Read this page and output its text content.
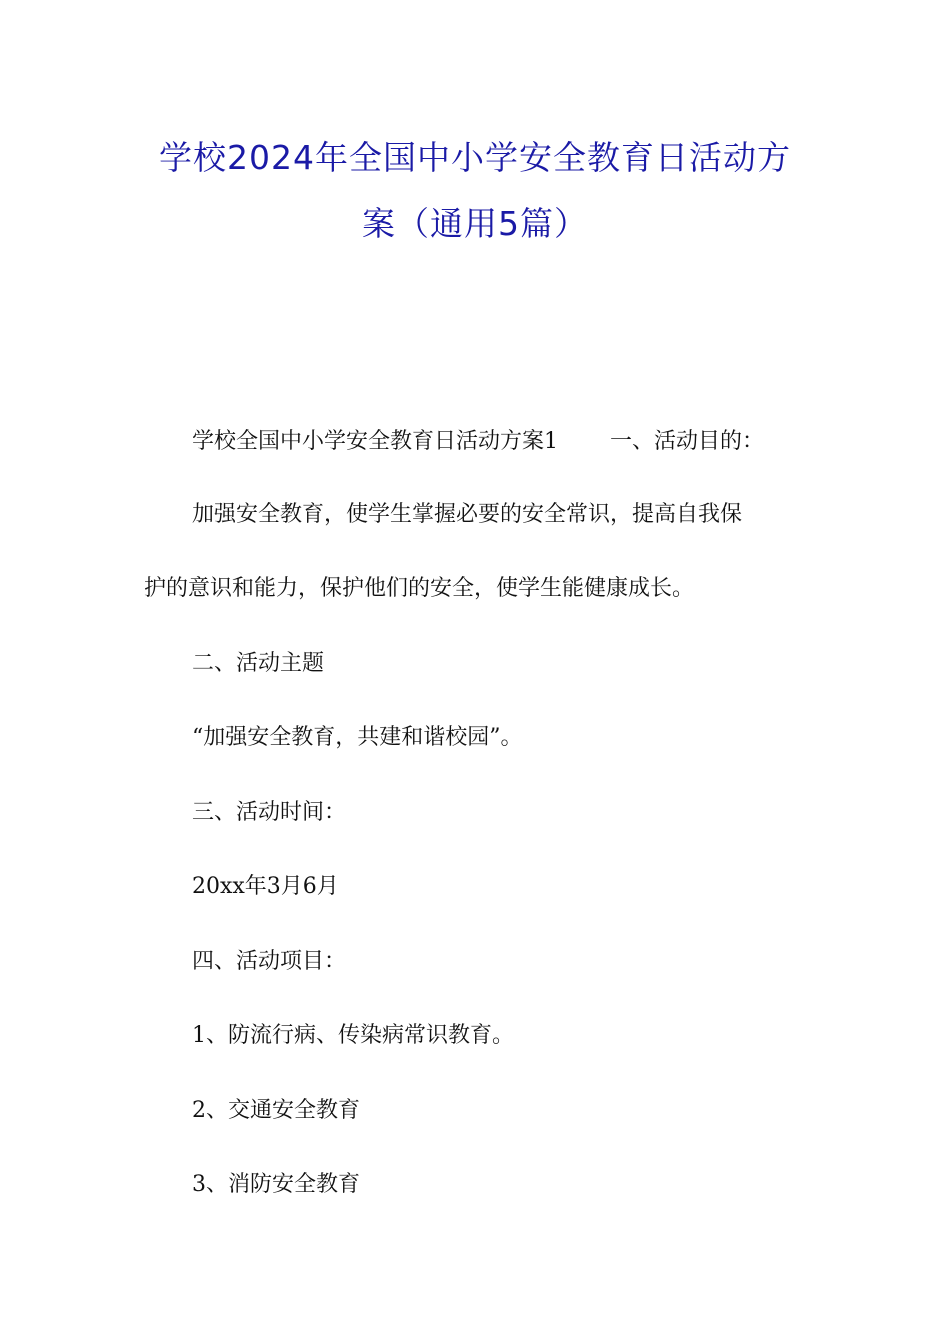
学校2024年全国中小学安全教育日活动方
案（通用5篇）

学校全国中小学安全教育日活动方案1 一、活动目的：

加强安全教育，使学生掌握必要的安全常识，提高自我保

护的意识和能力，保护他们的安全，使学生能健康成长。

二、活动主题

“加强安全教育，共建和谐校园”。

三、活动时间：

20xx年3月6月

四、活动项目：

1、防流行病、传染病常识教育。

2、交通安全教育

3、消防安全教育
